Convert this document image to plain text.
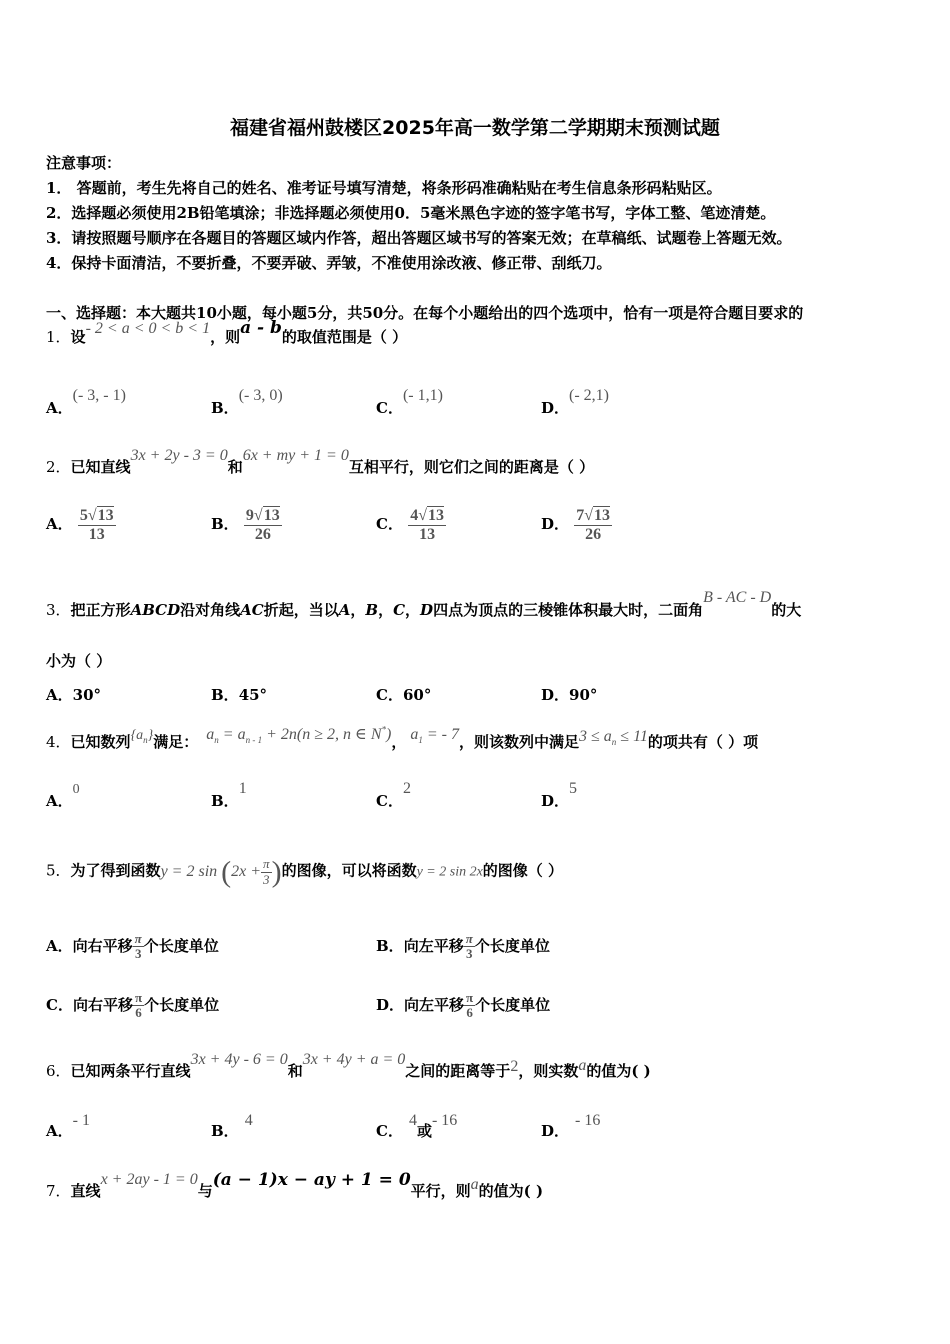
福建省福州鼓楼区2025年高一数学第二学期期末预测试题
注意事项：
1． 答题前，考生先将自己的姓名、准考证号填写清楚，将条形码准确粘贴在考生信息条形码粘贴区。
2．选择题必须使用2B铅笔填涂；非选择题必须使用0．5毫米黑色字迹的签字笔书写，字体工整、笔迹清楚。
3．请按照题号顺序在各题目的答题区域内作答，超出答题区域书写的答案无效；在草稿纸、试题卷上答题无效。
4．保持卡面清洁，不要折叠，不要弄破、弄皱，不准使用涂改液、修正带、刮纸刀。
一、选择题：本大题共10小题，每小题5分，共50分。在每个小题给出的四个选项中，恰有一项是符合题目要求的
1．设- 2 < a < 0 < b < 1，则a - b的取值范围是（ ）
A．(- 3, - 1)
B．(- 3, 0)
C．(- 1,1)
D．(- 2,1)
2．已知直线3x + 2y - 3 = 0和6x + my + 1 = 0互相平行，则它们之间的距离是（ ）
A． $\frac{5√13}{13}$	B． $\frac{9√13}{26}$	C． $\frac{4√13}{13}$	D． $\frac{7√13}{26}$
3．把正方形ABCD沿对角线AC折起，当以A，B，C，D四点为顶点的三棱锥体积最大时，二面角B - AC - D的大
小为（ ）
A．30°	B．45°	C．60°	D．90°
4．已知数列$\{a_n\}$满足： $a_n = a_{n - 1} + 2n(n \ge 2$, n ∈ N*)， $a_1$ = - 7，则该数列中满足$3 \le a_n \le 11$的项共有（ ）项
A．0
B．1
C．2
D．5
5．为了得到函数y = 2 $\sin (2x + \frac{\pi}{3}$ )的图像，可以将函数y = 2 sin 2x的图像（ ）
A．向右平移 $\frac{\pi}{3}$ 个长度单位	B．向左平移 $\frac{\pi}{3}$ 个长度单位
C．向右平移 $\frac{\pi}{6}$ 个长度单位	D．向左平移 $\frac{\pi}{6}$ 个长度单位
6．已知两条平行直线3x + 4y - 6 = 0和3x + 4y + a = 0之间的距离等于2，则实数a的值为( )
A．- 1
B．4
C．4或- 16
D．- 16
7．直线x + 2ay - 1 = 0与(a − 1)x − ay + 1 = 0平行，则a的值为( )
